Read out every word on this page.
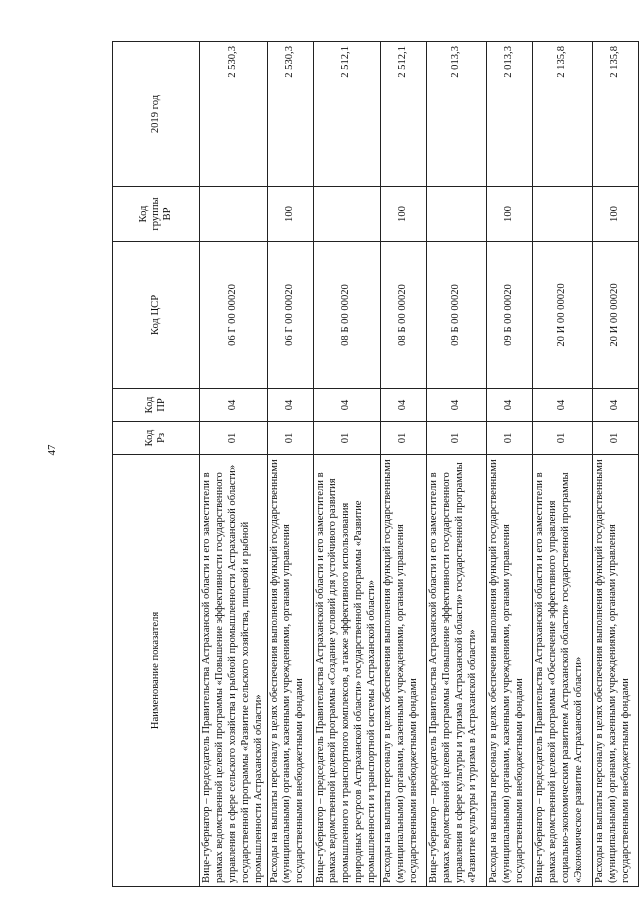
47
Наименование показателя	Код Рз	Код ПР	Код ЦСР	Код группы ВР	2019 год
Вице-губернатор – председатель Правительства Астраханской области и его заместители в рамках ведомственной целевой программы «Повышение эффективности государственного управления в сфере сельского хозяйства и рыбной промышленности Астраханской области» государственной программы «Развитие сельского хозяйства, пищевой и рыбной промышленности Астраханской области»	01	04	06 Г 00 00020		2 530,3
Расходы на выплаты персоналу в целях обеспечения выполнения функций государственными (муниципальными) органами, казенными учреждениями, органами управления государственными внебюджетными фондами	01	04	06 Г 00 00020	100	2 530,3
Вице-губернатор – председатель Правительства Астраханской области и его заместители в рамках ведомственной целевой программы «Создание условий для устойчивого развития промышленного и транспортного комплексов, а также эффективного использования природных ресурсов Астраханской области» государственной программы «Развитие промышленности и транспортной системы Астраханской области»	01	04	08 Б 00 00020		2 512,1
Расходы на выплаты персоналу в целях обеспечения выполнения функций государственными (муниципальными) органами, казенными учреждениями, органами управления государственными внебюджетными фондами	01	04	08 Б 00 00020	100	2 512,1
Вице-губернатор – председатель Правительства Астраханской области и его заместители в рамках ведомственной целевой программы «Повышение эффективности государственного управления в сфере культуры и туризма Астраханской области» государственной программы «Развитие культуры и туризма в Астраханской области»	01	04	09 Б 00 00020		2 013,3
Расходы на выплаты персоналу в целях обеспечения выполнения функций государственными (муниципальными) органами, казенными учреждениями, органами управления государственными внебюджетными фондами	01	04	09 Б 00 00020	100	2 013,3
Вице-губернатор – председатель Правительства Астраханской области и его заместители в рамках ведомственной целевой программы «Обеспечение эффективного управления социально-экономическим развитием Астраханской области» государственной программы «Экономическое развитие Астраханской области»	01	04	20 И 00 00020		2 135,8
Расходы на выплаты персоналу в целях обеспечения выполнения функций государственными (муниципальными) органами, казенными учреждениями, органами управления государственными внебюджетными фондами	01	04	20 И 00 00020	100	2 135,8
